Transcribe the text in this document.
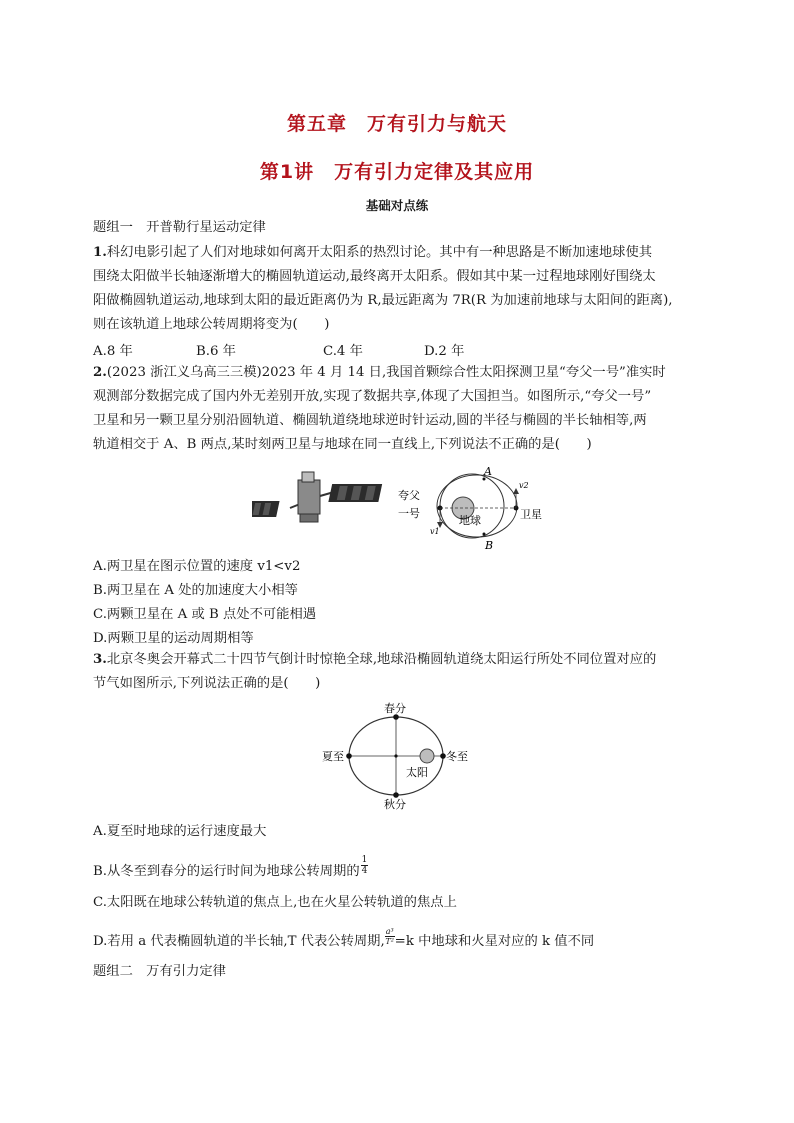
第五章　万有引力与航天
第1讲　万有引力定律及其应用
基础对点练
题组一　开普勒行星运动定律
1.科幻电影引起了人们对地球如何离开太阳系的热烈讨论。其中有一种思路是不断加速地球使其
围绕太阳做半长轴逐渐增大的椭圆轨道运动,最终离开太阳系。假如其中某一过程地球刚好围绕太
阳做椭圆轨道运动,地球到太阳的最近距离仍为 R,最远距离为 7R(R 为加速前地球与太阳间的距离),
则在该轨道上地球公转周期将变为(　　)
A.8 年	B.6 年	C.4 年	D.2 年
2.(2023 浙江义乌高三三模)2023 年 4 月 14 日,我国首颗综合性太阳探测卫星“夸父一号”准实时
观测部分数据完成了国内外无差别开放,实现了数据共享,体现了大国担当。如图所示,“夸父一号”
卫星和另一颗卫星分别沿圆轨道、椭圆轨道绕地球逆时针运动,圆的半径与椭圆的半长轴相等,两
轨道相交于 A、B 两点,某时刻两卫星与地球在同一直线上,下列说法不正确的是(　　)
A
B
夸父
一号
地球	卫星
v1
v2
A.两卫星在图示位置的速度 v1<v2
B.两卫星在 A 处的加速度大小相等
C.两颗卫星在 A 或 B 点处不可能相遇
D.两颗卫星的运动周期相等
3.北京冬奥会开幕式二十四节气倒计时惊艳全球,地球沿椭圆轨道绕太阳运行所处不同位置对应的
节气如图所示,下列说法正确的是(　　)
春分
秋分
夏至	冬至
太阳
A.夏至时地球的运行速度最大
B.从冬至到春分的运行时间为地球公转周期的 $\frac{1}{4}$
C.太阳既在地球公转轨道的焦点上,也在火星公转轨道的焦点上
D.若用 a 代表椭圆轨道的半长轴,T 代表公转周期, $\frac{\text{a³}}{\text{T²}} =k$ 中地球和火星对应的 k 值不同
题组二　万有引力定律
